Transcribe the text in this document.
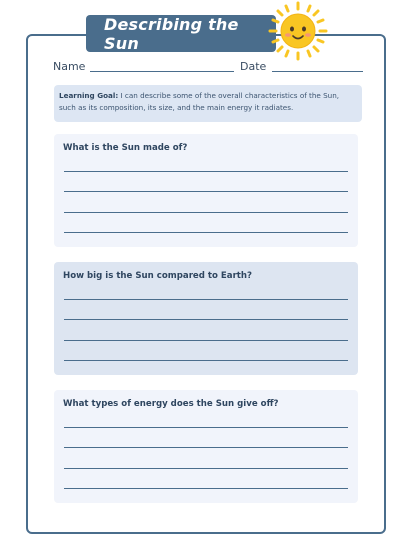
Describing the Sun
Name	Date
Learning Goal: I can describe some of the overall characteristics of the Sun, such as its composition, its size, and the main energy it radiates.
What is the Sun made of?
How big is the Sun compared to Earth?
What types of energy does the Sun give off?
